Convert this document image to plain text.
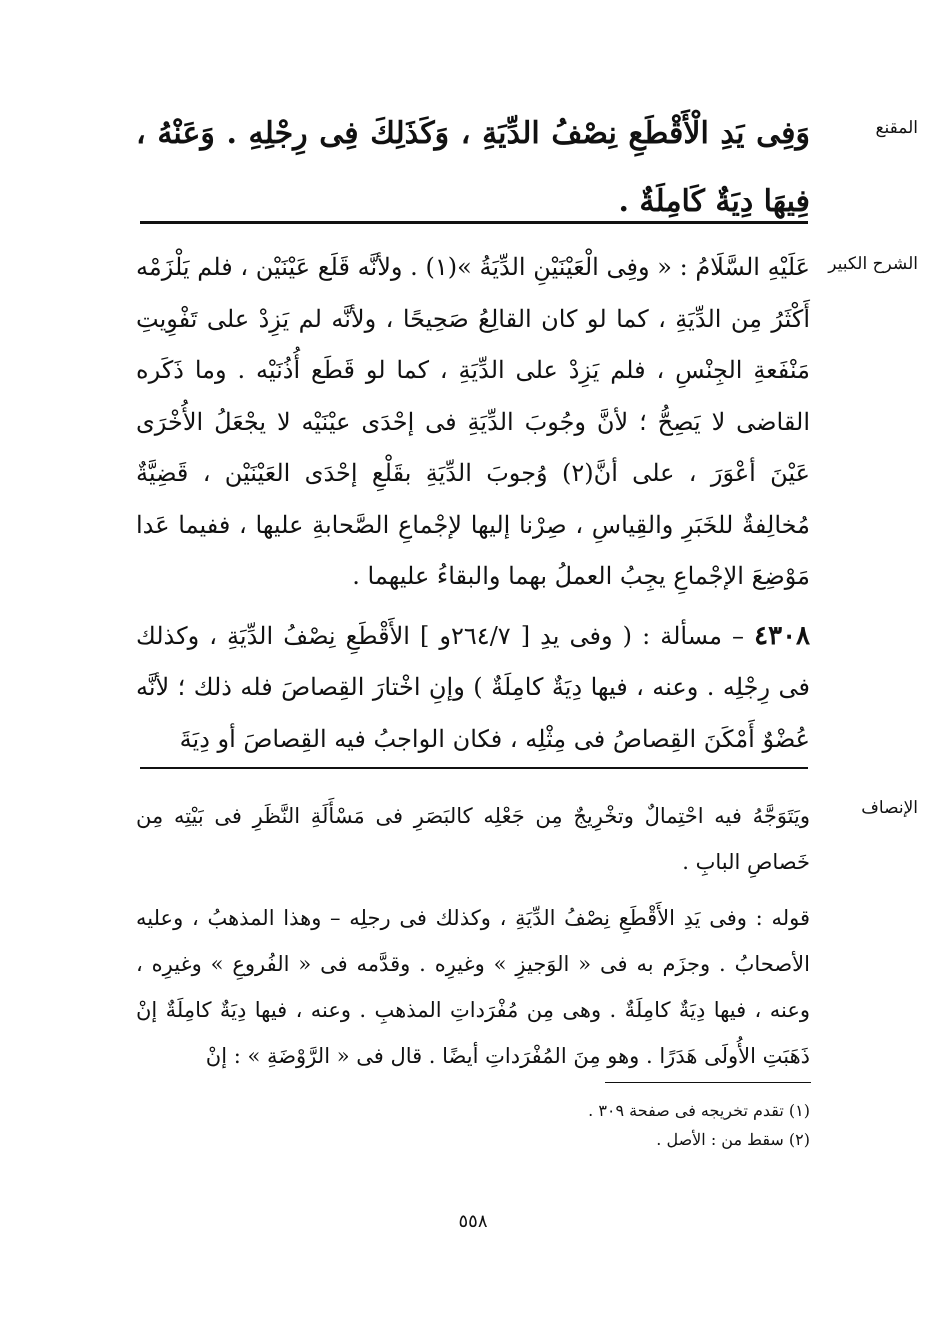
المقنع

وَفِى يَدِ الْأَقْطَعِ نِصْفُ الدِّيَةِ ، وَكَذَلِكَ فِى رِجْلِهِ . وَعَنْهُ ، فِيهَا دِيَةٌ كَامِلَةٌ .

الشرح الكبير

عَلَيْهِ السَّلَامُ : « وفِى الْعَيْنَيْنِ الدِّيَةُ »(١) . ولأنَّه قَلَع عَيْنَيْن ، فلم يَلْزَمْه أَكْثَرُ مِن الدِّيَةِ ، كما لو كان القالِعُ صَحِيحًا ، ولأنَّه لم يَزِدْ على تَفْوِيتِ مَنْفَعةِ الجِنْسِ ، فلم يَزِدْ على الدِّيَةِ ، كما لو قَطَع أُذُنَيْه . وما ذَكَره القاضى لا يَصِحُّ ؛ لأنَّ وجُوبَ الدِّيَةِ فى إحْدَى عيْنَيْه لا يجْعَلُ الأُخْرَى عَيْنَ أعْوَرَ ، على أنَّ(٢) وُجوبَ الدِّيَةِ بقَلْعِ إحْدَى العَيْنَيْن ، قَضِيَّةٌ مُخالِفةٌ للخَبَرِ والقِياسِ ، صِرْنا إليها لإجْماعِ الصَّحابةِ عليها ، ففيما عَدا مَوْضِعَ الإجْماعِ يجِبُ العملُ بهما والبقاءُ عليهما .

٤٣٠٨ – مسألة : ( وفى يدِ [ ٢٦٤/٧و ] الأَقْطَعِ نِصْفُ الدِّيَةِ ، وكذلك فى رِجْلِه . وعنه ، فيها دِيَةٌ كامِلَةٌ ) وإنِ اخْتارَ القِصاصَ فله ذلك ؛ لأنَّه عُضْوٌ أَمْكَنَ القِصاصُ فى مِثْلِه ، فكان الواجبُ فيه القِصاصَ أو دِيَةَ

الإنصاف

ويَتَوَجَّهُ فيه احْتِمالٌ وتخْرِيجٌ مِن جَعْلِه كالبَصَرِ فى مَسْأَلَةِ النَّظَرِ فى بَيْتِه مِن خَصاصِ البابِ .

قوله : وفى يَدِ الأَقْطَعِ نِصْفُ الدِّيَةِ ، وكذلك فى رجلِه – وهذا المذهبُ ، وعليه الأصحابُ . وجزَم به فى « الوَجيزِ » وغيرِه . وقدَّمه فى « الفُروعِ » وغيرِه ، وعنه ، فيها دِيَةٌ كامِلَةٌ . وهى مِن مُفْرَداتِ المذهبِ . وعنه ، فيها دِيَةٌ كامِلَةٌ إنْ ذَهَبَتِ الأُولَى هَدَرًا . وهو مِنَ المُفْرَداتِ أيضًا . قال فى « الرَّوْضَةِ » : إنْ

(١) تقدم تخريجه فى صفحة ٣٠٩ .

(٢) سقط من : الأصل .

٥٥٨
